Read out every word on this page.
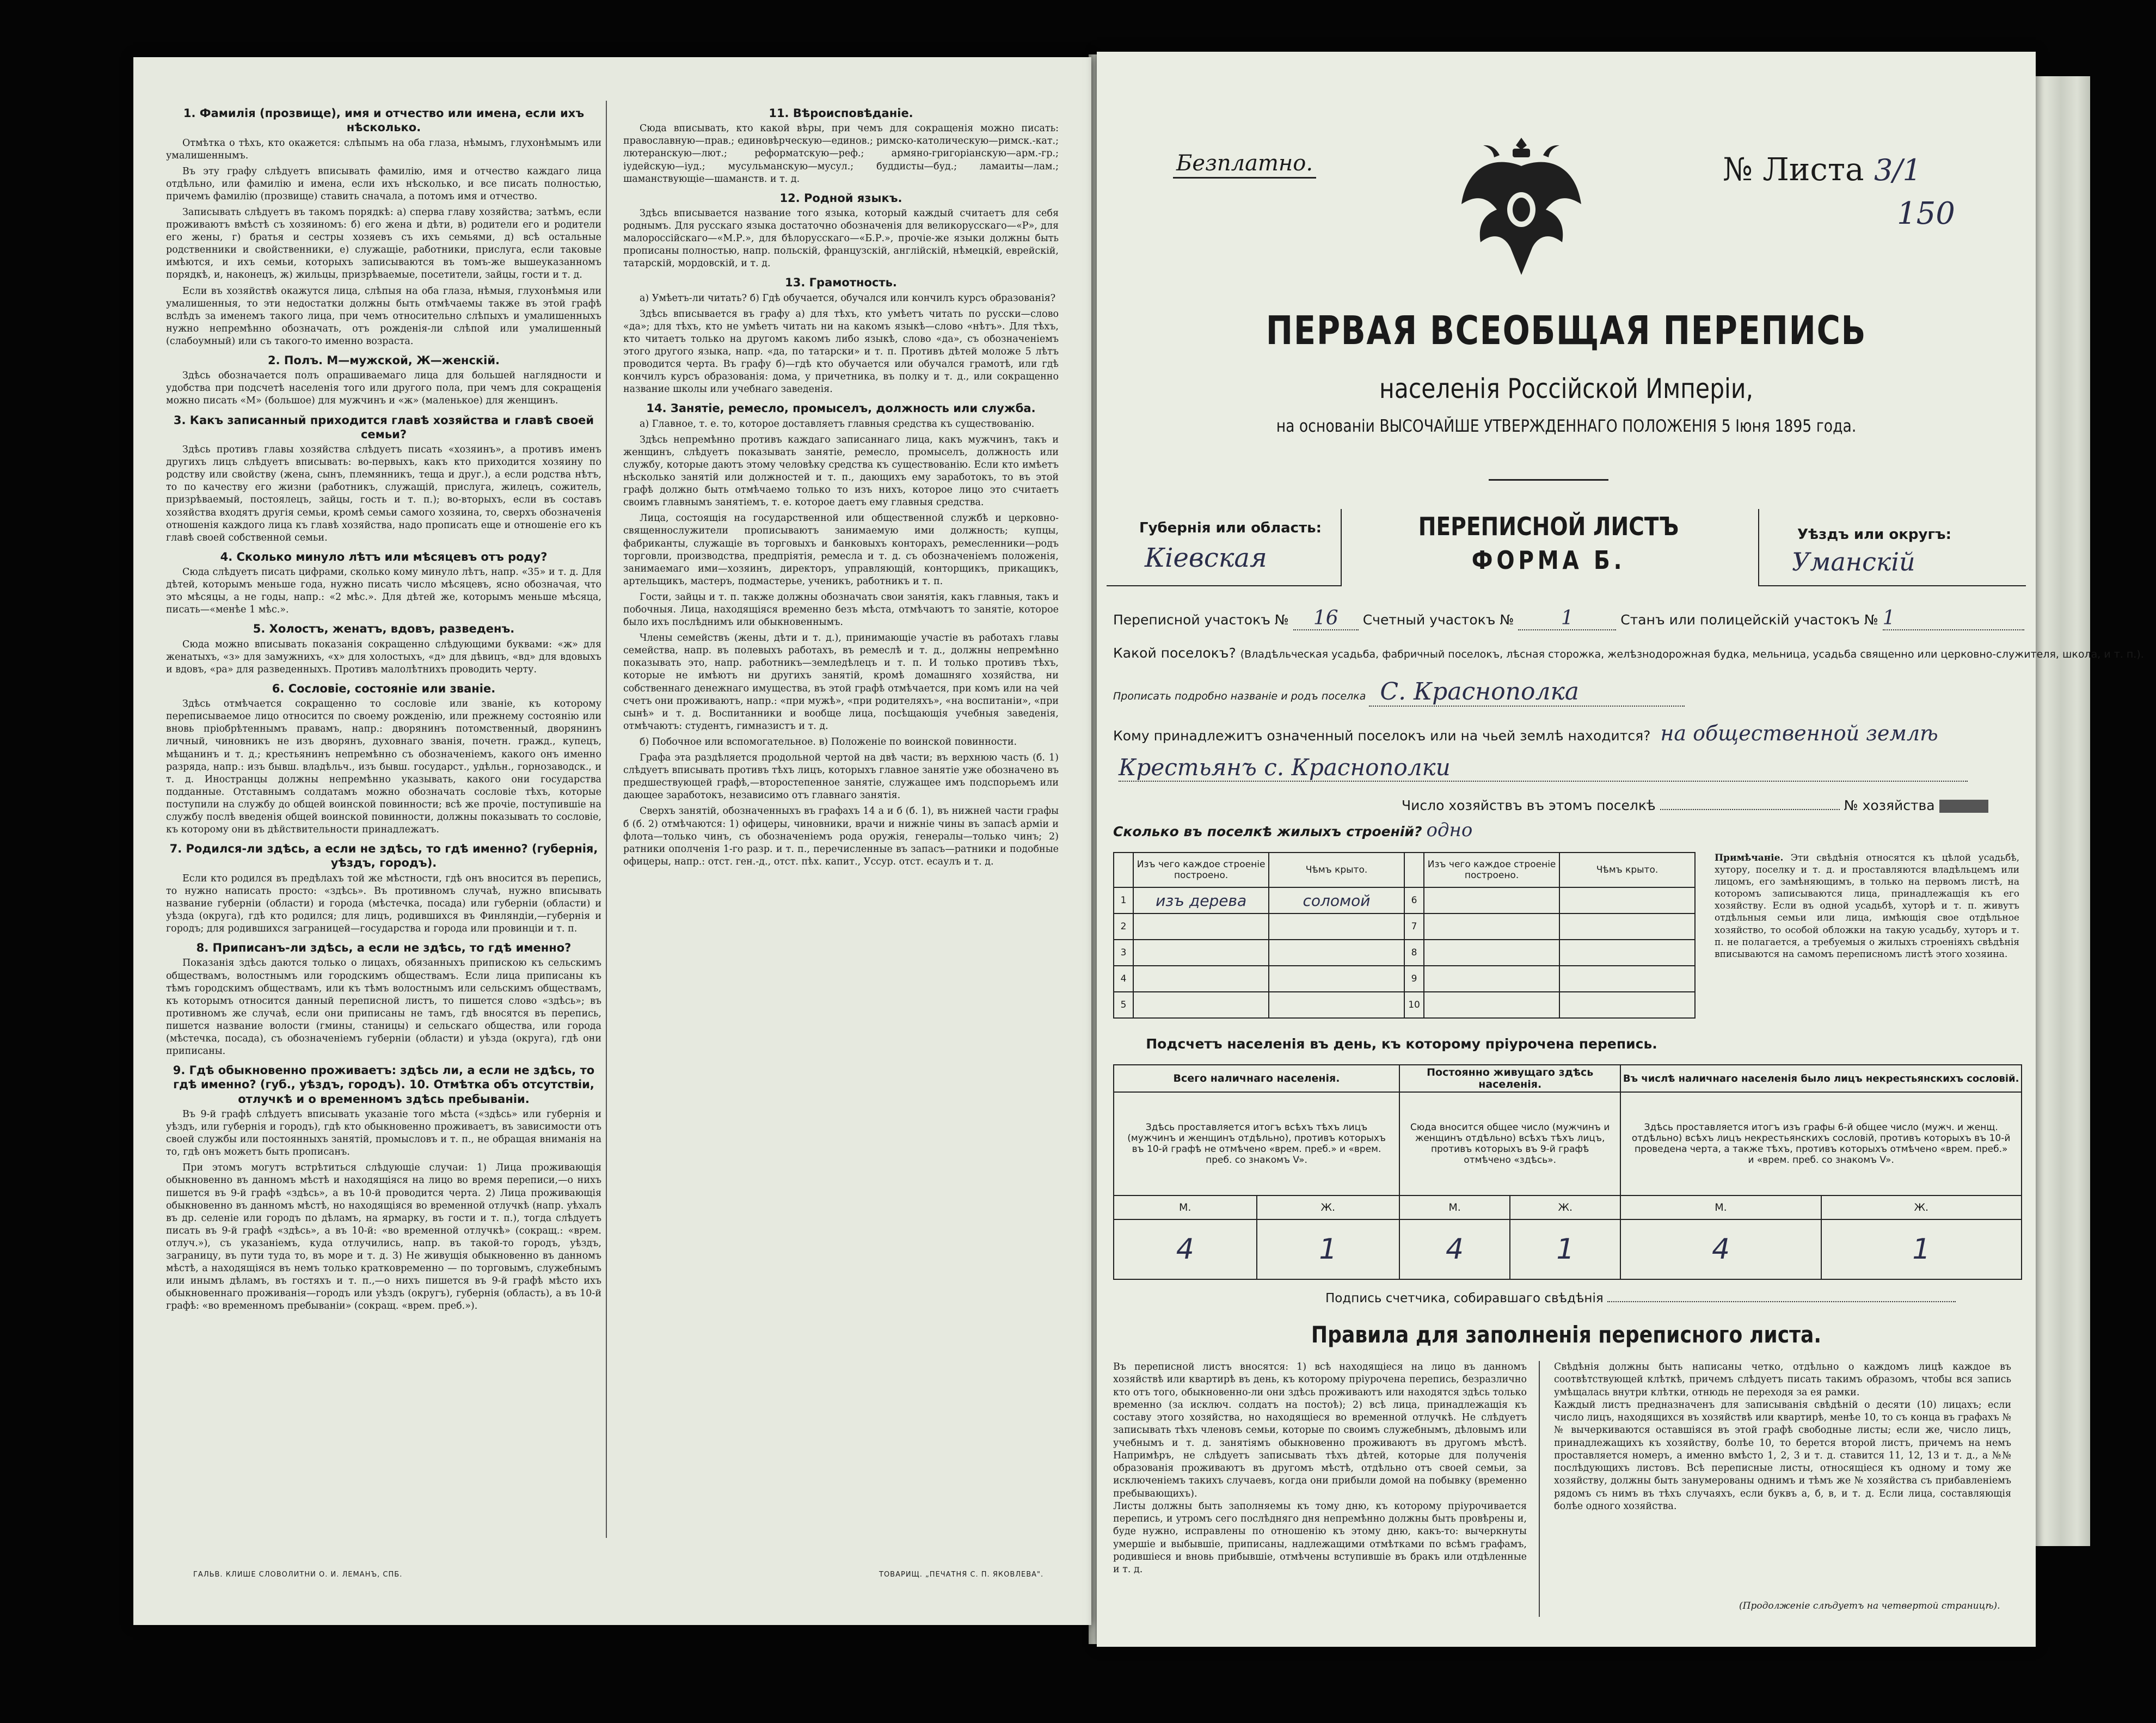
1. Фамилія (прозвище), имя и отчество или имена, если ихъ нѣсколько.

Отмѣтка о тѣхъ, кто окажется: слѣпымъ на оба глаза, нѣмымъ, глухонѣмымъ или умалишеннымъ.

Въ эту графу слѣдуетъ вписывать фамилію, имя и отчество каждаго лица отдѣльно, или фамилію и имена, если ихъ нѣсколько, и все писать полностью, причемъ фамилію (прозвище) ставить сначала, а потомъ имя и отчество.

Записывать слѣдуетъ въ такомъ порядкѣ: а) сперва главу хозяйства; затѣмъ, если проживаютъ вмѣстѣ съ хозяиномъ: б) его жена и дѣти, в) родители его и родители его жены, г) братья и сестры хозяевъ съ ихъ семьями, д) всѣ остальные родственники и свойственники, е) служащіе, работники, прислуга, если таковые имѣются, и ихъ семьи, которыхъ записываются въ томъ-же вышеуказанномъ порядкѣ, и, наконецъ, ж) жильцы, призрѣваемые, посетители, зайцы, гости и т. д.

Если въ хозяйствѣ окажутся лица, слѣпыя на оба глаза, нѣмыя, глухонѣмыя или умалишенныя, то эти недостатки должны быть отмѣчаемы также въ этой графѣ вслѣдъ за именемъ такого лица, при чемъ относительно слѣпыхъ и умалишенныхъ нужно непремѣнно обозначать, отъ рожденія-ли слѣпой или умалишенный (слабоумный) или съ такого-то именно возраста.

2. Полъ. М—мужской, Ж—женскій.

Здѣсь обозначается полъ опрашиваемаго лица для большей наглядности и удобства при подсчетѣ населенія того или другого пола, при чемъ для сокращенія можно писать «М» (большое) для мужчинъ и «ж» (маленькое) для женщинъ.

3. Какъ записанный приходится главѣ хозяйства и главѣ своей семьи?

Здѣсь противъ главы хозяйства слѣдуетъ писать «хозяинъ», а противъ именъ другихъ лицъ слѣдуетъ вписывать: во-первыхъ, какъ кто приходится хозяину по родству или свойству (жена, сынъ, племянникъ, теща и друг.), а если родства нѣтъ, то по качеству его жизни (работникъ, служащій, прислуга, жилецъ, сожитель, призрѣваемый, постоялецъ, зайцы, гость и т. п.); во-вторыхъ, если въ составъ хозяйства входятъ другія семьи, кромѣ семьи самого хозяина, то, сверхъ обозначенія отношенія каждого лица къ главѣ хозяйства, надо прописать еще и отношеніе его къ главѣ своей собственной семьи.

4. Сколько минуло лѣтъ или мѣсяцевъ отъ роду?

Сюда слѣдуетъ писать цифрами, сколько кому минуло лѣтъ, напр. «35» и т. д. Для дѣтей, которымъ меньше года, нужно писать число мѣсяцевъ, ясно обозначая, что это мѣсяцы, а не годы, напр.: «2 мѣс.». Для дѣтей же, которымъ меньше мѣсяца, писать—«менѣе 1 мѣс.».

5. Холостъ, женатъ, вдовъ, разведенъ.

Сюда можно вписывать показанія сокращенно слѣдующими буквами: «ж» для женатыхъ, «з» для замужнихъ, «х» для холостыхъ, «д» для дѣвицъ, «вд» для вдовыхъ и вдовъ, «ра» для разведенныхъ. Противъ малолѣтнихъ проводить черту.

6. Сословіе, состояніе или званіе.

Здѣсь отмѣчается сокращенно то сословіе или званіе, къ которому переписываемое лицо относится по своему рожденію, или прежнему состоянію или вновь пріобрѣтеннымъ правамъ, напр.: дворянинъ потомственный, дворянинъ личный, чиновникъ не изъ дворянъ, духовнаго званія, почетн. гражд., купецъ, мѣщанинъ и т. д.; крестьянинъ непремѣнно съ обозначеніемъ, какого онъ именно разряда, напр.: изъ бывш. владѣльч., изъ бывш. государст., удѣльн., горнозаводск., и т. д. Иностранцы должны непремѣнно указывать, какого они государства подданные. Отставнымъ солдатамъ можно обозначать сословіе тѣхъ, которые поступили на службу до общей воинской повинности; всѣ же прочіе, поступившіе на службу послѣ введенія общей воинской повинности, должны показывать то сословіе, къ которому они въ дѣйствительности принадлежатъ.

7. Родился-ли здѣсь, а если не здѣсь, то гдѣ именно? (губернія, уѣздъ, городъ).

Если кто родился въ предѣлахъ той же мѣстности, гдѣ онъ вносится въ перепись, то нужно написать просто: «здѣсь». Въ противномъ случаѣ, нужно вписывать название губерніи (области) и города (мѣстечка, посада) или губерніи (области) и уѣзда (округа), гдѣ кто родился; для лицъ, родившихся въ Финляндіи,—губернія и городъ; для родившихся заграницей—государства и города или провинціи и т. п.

8. Приписанъ-ли здѣсь, а если не здѣсь, то гдѣ именно?

Показанія здѣсь даются только о лицахъ, обязанныхъ припискою къ сельскимъ обществамъ, волостнымъ или городскимъ обществамъ. Если лица приписаны къ тѣмъ городскимъ обществамъ, или къ тѣмъ волостнымъ или сельскимъ обществамъ, къ которымъ относится данный переписной листъ, то пишется слово «здѣсь»; въ противномъ же случаѣ, если они приписаны не тамъ, гдѣ вносятся въ перепись, пишется название волости (гмины, станицы) и сельскаго общества, или города (мѣстечка, посада), съ обозначеніемъ губерніи (области) и уѣзда (округа), гдѣ они приписаны.

9. Гдѣ обыкновенно проживаетъ: здѣсь ли, а если не здѣсь, то гдѣ именно? (губ., уѣздъ, городъ). 10. Отмѣтка объ отсутствіи, отлучкѣ и о временномъ здѣсь пребываніи.

Въ 9-й графѣ слѣдуетъ вписывать указаніе того мѣста («здѣсь» или губернія и уѣздъ, или губернія и городъ), гдѣ кто обыкновенно проживаетъ, въ зависимости отъ своей службы или постоянныхъ занятій, промысловъ и т. п., не обращая вниманія на то, гдѣ онъ можетъ быть прописанъ.

При этомъ могутъ встрѣтиться слѣдующіе случаи: 1) Лица проживающія обыкновенно въ данномъ мѣстѣ и находящіяся на лицо во время переписи,—о нихъ пишется въ 9-й графѣ «здѣсь», а въ 10-й проводится черта. 2) Лица проживающія обыкновенно въ данномъ мѣстѣ, но находящіяся во временной отлучкѣ (напр. уѣхалъ въ др. селеніе или городъ по дѣламъ, на ярмарку, въ гости и т. п.), тогда слѣдуетъ писать въ 9-й графѣ «здѣсь», а въ 10-й: «во временной отлучкѣ» (сокращ.: «врем. отлуч.»), съ указаніемъ, куда отлучились, напр. въ такой-то городъ, уѣздъ, заграницу, въ пути тудa то, въ море и т. д. 3) Не живущія обыкновенно въ данномъ мѣстѣ, а находящіяся въ немъ только кратковременно — по торговымъ, служебнымъ или инымъ дѣламъ, въ гостяхъ и т. п.,—о нихъ пишется въ 9-й графѣ мѣсто ихъ обыкновеннаго проживанія—городъ или уѣздъ (округъ), губернія (область), а въ 10-й графѣ: «во временномъ пребываніи» (сокращ. «врем. преб.»).

11. Вѣроисповѣданіе.

Сюда вписывать, кто какой вѣры, при чемъ для сокращенія можно писать: православную—прав.; единовѣрческую—единов.; римско-католическую—римск.-кат.; лютеранскую—лют.; реформатскую—реф.; армяно-григоріанскую—арм.-гр.; іудейскую—іуд.; мусульманскую—мусул.; буддисты—буд.; ламаиты—лам.; шаманствующіе—шаманств. и т. д.

12. Родной языкъ.

Здѣсь вписывается название того языка, который каждый считаетъ для себя роднымъ. Для русскаго языка достаточно обозначенія для великорусскаго—«Р», для малороссійскаго—«М.Р.», для бѣлорусскаго—«Б.Р.», прочіе-же языки должны быть прописаны полностью, напр. польскій, французскій, англійскій, нѣмецкій, еврейскій, татарскій, мордовскій, и т. д.

13. Грамотность.

а) Умѣетъ-ли читать? б) Гдѣ обучается, обучался или кончилъ курсъ образованія?

Здѣсь вписывается въ графу а) для тѣхъ, кто умѣетъ читать по русски—слово «да»; для тѣхъ, кто не умѣетъ читать ни на какомъ языкѣ—слово «нѣтъ». Для тѣхъ, кто читаетъ только на другомъ какомъ либо языкѣ, слово «да», съ обозначеніемъ этого другого языка, напр. «да, по татарски» и т. п. Противъ дѣтей моложе 5 лѣтъ проводится черта. Въ графу б)—гдѣ кто обучается или обучался грамотѣ, или гдѣ кончилъ курсъ образованія: дома, у причетника, въ полку и т. д., или сокращенно название школы или учебнаго заведенія.

14. Занятіе, ремесло, промыселъ, должность или служба.

а) Главное, т. е. то, которое доставляетъ главныя средства къ существованію.

Здѣсь непремѣнно противъ каждаго записаннаго лица, какъ мужчинъ, такъ и женщинъ, слѣдуетъ показывать занятіе, ремесло, промыселъ, должность или службу, которые даютъ этому человѣку средства къ существованію. Если кто имѣетъ нѣсколько занятій или должностей и т. п., дающихъ ему заработокъ, то въ этой графѣ должно быть отмѣчаемо только то изъ нихъ, которое лицо это считаетъ своимъ главнымъ занятіемъ, т. е. которое даетъ ему главныя средства.

Лица, состоящія на государственной или общественной службѣ и церковно-священнослужители прописываютъ занимаемую ими должность; купцы, фабриканты, служащіе въ торговыхъ и банковыхъ конторахъ, ремесленники—родъ торговли, производства, предпріятія, ремесла и т. д. съ обозначеніемъ положенія, занимаемаго ими—хозяинъ, директоръ, управляющій, конторщикъ, прикащикъ, артельщикъ, мастеръ, подмастерье, ученикъ, работникъ и т. п.

Гости, зайцы и т. п. также должны обозначать свои занятія, какъ главныя, такъ и побочныя. Лица, находящіяся временно безъ мѣста, отмѣчаютъ то занятіе, которое было ихъ послѣднимъ или обыкновеннымъ.

Члены семействъ (жены, дѣти и т. д.), принимающіе участіе въ работахъ главы семейства, напр. въ полевыхъ работахъ, въ ремеслѣ и т. д., должны непремѣнно показывать это, напр. работникъ—земледѣлецъ и т. п. И только противъ тѣхъ, которые не имѣютъ ни другихъ занятій, кромѣ домашняго хозяйства, ни собственнаго денежнаго имущества, въ этой графѣ отмѣчается, при комъ или на чей счетъ они проживаютъ, напр.: «при мужѣ», «при родителяхъ», «на воспитаніи», «при сынѣ» и т. д. Воспитанники и вообще лица, посѣщающія учебныя заведенія, отмѣчаютъ: студентъ, гимназистъ и т. д.

б) Побочное или вспомогательное. в) Положеніе по воинской повинности.

Графа эта раздѣляется продольной чертой на двѣ части; въ верхнюю часть (б. 1) слѣдуетъ вписывать противъ тѣхъ лицъ, которыхъ главное занятіе уже обозначено въ предшествующей графѣ,—второстепенное занятіе, служащее имъ подспорьемъ или дающее заработокъ, независимо отъ главнаго занятія.

Сверхъ занятій, обозначенныхъ въ графахъ 14 а и б (б. 1), въ нижней части графы б (б. 2) отмѣчаются: 1) офицеры, чиновники, врачи и нижніе чины въ запасѣ арміи и флота—только чинъ, съ обозначеніемъ рода оружія, генералы—только чинъ; 2) ратники ополченія 1-го разр. и т. п., перечисленные въ запасъ—ратники и подобные офицеры, напр.: отст. ген.-д., отст. пѣх. капит., Уссур. отст. есаулъ и т. д.

ГАЛЬВ. КЛИШЕ СЛОВОЛИТНИ О. И. ЛЕМАНЪ, СПБ.	ТОВАРИЩ. „ПЕЧАТНЯ С. П. ЯКОВЛЕВА".
Безплатно.	№ Листа 3/1
150
ПЕРВАЯ ВСЕОБЩАЯ ПЕРЕПИСЬ
населенія Россійской Имперіи,
на основаніи ВЫСОЧАЙШЕ УТВЕРЖДЕННАГО ПОЛОЖЕНІЯ 5 Іюня 1895 года.
Губернія или область:
Кіевская
ПЕРЕПИСНОЙ ЛИСТЪ
ФОРМА Б.
Уѣздъ или округъ:
Уманскій
Переписной участокъ № 16 Счетный участокъ № 1	Станъ или полицейскій участокъ № 1
Какой поселокъ? (Владѣльческая усадьба, фабричный поселокъ, лѣсная сторожка, желѣзнодорожная будка, мельница, усадьба священно или церковно-служителя, школа, и т. п.).
Прописать подробно названіе и родъ поселка С. Краснополка
Кому принадлежитъ означенный поселокъ или на чьей землѣ находится? на общественной землѣ
Крестьянъ с. Краснополки
Число хозяйствъ въ этомъ поселкѣ	№ хозяйства
Сколько въ поселкѣ жилыхъ строеній? одно
	Изъ чего каждое строеніе построено.	Чѣмъ крыто.		Изъ чего каждое строеніе построено.	Чѣмъ крыто.
1	изъ дерева	соломой	6		
2			7		
3			8		
4			9		
5			10		
Примѣчаніе. Эти свѣдѣнія относятся къ цѣлой усадьбѣ, хутору, поселку и т. д. и проставляются владѣльцемъ или лицомъ, его замѣняющимъ, в только на первомъ листѣ, на которомъ записываются лица, принадлежащія къ его хозяйству. Если въ одной усадьбѣ, хуторѣ и т. п. живутъ отдѣльныя семьи или лица, имѣющія свое отдѣльное хозяйство, то особой обложки на такую усадьбу, хуторъ и т. п. не полагается, а требуемыя о жилыхъ строеніяхъ свѣдѣнія вписываются на самомъ переписномъ листѣ этого хозяина.
Подсчетъ населенія въ день, къ которому пріурочена перепись.
Всего наличнаго населенія.		Постоянно живущаго здѣсь населенія.		Въ числѣ наличнаго населенія было лицъ некрестьянскихъ сословій.	
Здѣсь проставляется итогъ всѣхъ тѣхъ лицъ (мужчинъ и женщинъ отдѣльно), противъ которыхъ въ 10-й графѣ не отмѣчено «врем. преб.» и «врем. преб. со знакомъ V».		Сюда вносится общее число (мужчинъ и женщинъ отдѣльно) всѣхъ тѣхъ лицъ, противъ которыхъ въ 9-й графѣ отмѣчено «здѣсь».		Здѣсь проставляется итогъ изъ графы 6-й общее число (мужч. и женщ. отдѣльно) всѣхъ лицъ некрестьянскихъ сословій, противъ которыхъ въ 10-й проведена черта, а также тѣхъ, противъ которыхъ отмѣчено «врем. преб.» и «врем. преб. со знакомъ V».	
М.	Ж.	М.	Ж.	М.	Ж.
4	1	4	1	4	1
Подпись счетчика, собиравшаго свѣдѣнія
Правила для заполненія переписного листа.
Въ переписной листъ вносятся: 1) всѣ находящіеся на лицо въ данномъ хозяйствѣ или квартирѣ въ день, къ которому пріурочена перепись, безразлично кто отъ того, обыкновенно-ли они здѣсь проживаютъ или находятся здѣсь только временно (за исключ. солдатъ на постоѣ); 2) всѣ лица, принадлежащія къ составу этого хозяйства, но находящіеся во временной отлучкѣ. Не слѣдуетъ записывать тѣхъ членовъ семьи, которые по своимъ служебнымъ, дѣловымъ или учебнымъ и т. д. занятіямъ обыкновенно проживаютъ въ другомъ мѣстѣ. Напримѣръ, не слѣдуетъ записывать тѣхъ дѣтей, которые для полученія образованія проживаютъ въ другомъ мѣстѣ, отдѣльно отъ своей семьи, за исключеніемъ такихъ случаевъ, когда они прибыли домой на побывку (временно пребывающихъ).
Листы должны быть заполняемы къ тому дню, къ которому пріурочивается перепись, и утромъ сего послѣдняго дня непремѣнно должны быть провѣрены и, буде нужно, исправлены по отношенію къ этому дню, какъ-то: вычеркнуты умершіе и выбывшіе, приписаны, надлежащими отмѣтками по всѣмъ графамъ, родившіеся и вновь прибывшіе, отмѣчены вступившіе въ бракъ или отдѣленные и т. д.
Свѣдѣнія должны быть написаны четко, отдѣльно о каждомъ лицѣ каждое въ соотвѣтствующей клѣткѣ, причемъ слѣдуетъ писать такимъ образомъ, чтобы вся запись умѣщалась внутри клѣтки, отнюдь не переходя за ея рамки.
Каждый листъ предназначенъ для записыванія свѣдѣній о десяти (10) лицахъ; если число лицъ, находящихся въ хозяйствѣ или квартирѣ, менѣе 10, то съ конца въ графахъ №№ вычеркиваются оставшіяся въ этой графѣ свободные листы; если же, число лицъ, принадлежащихъ къ хозяйству, болѣе 10, то берется второй листъ, причемъ на немъ проставляется номеръ, а именно вмѣсто 1, 2, 3 и т. д. ставится 11, 12, 13 и т. д., а №№ послѣдующихъ листовъ. Всѣ переписные листы, относящіеся къ одному и тому же хозяйству, должны быть занумерованы однимъ и тѣмъ же № хозяйства съ прибавленіемъ рядомъ съ нимъ въ тѣхъ случаяхъ, если буквъ а, б, в, и т. д. Если лица, составляющія болѣе одного хозяйства.
(Продолженіе слѣдуетъ на четвертой страницѣ).
